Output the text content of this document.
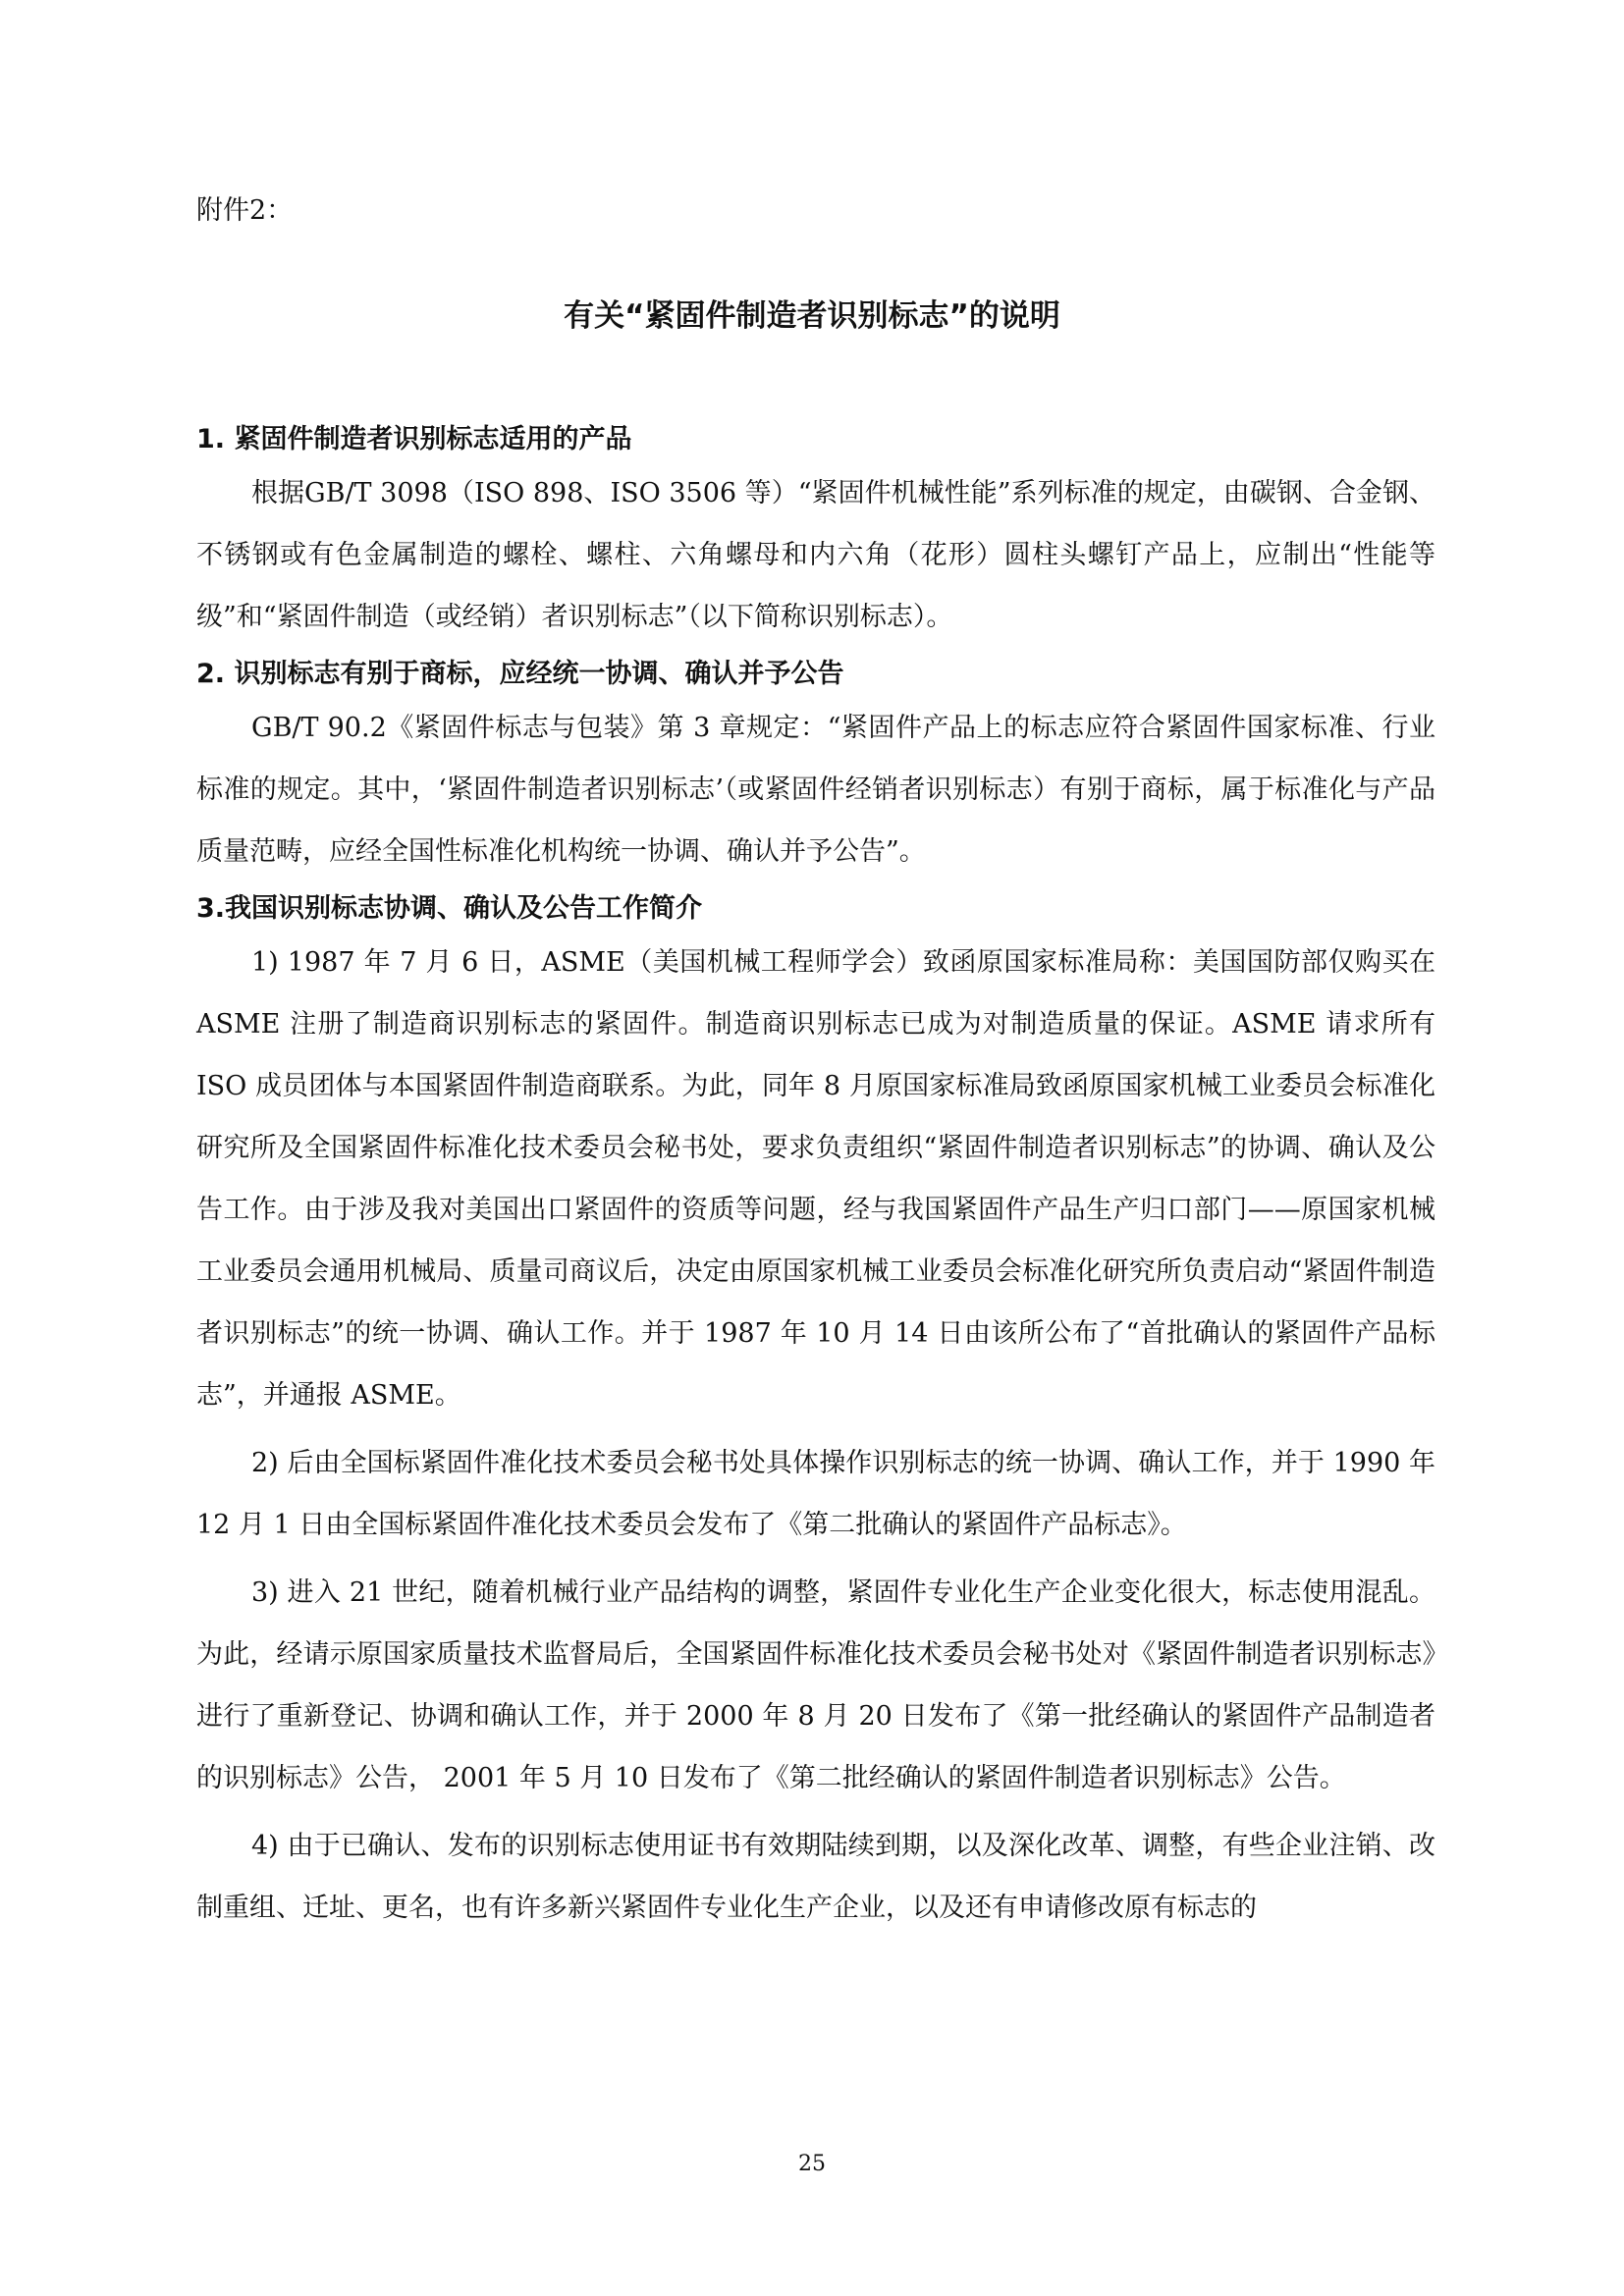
附件2：

有关“紧固件制造者识别标志”的说明
1. 紧固件制造者识别标志适用的产品

根据GB/T 3098（ISO 898、ISO 3506 等）“紧固件机械性能”系列标准的规定，由碳钢、合金钢、不锈钢或有色金属制造的螺栓、螺柱、六角螺母和内六角（花形）圆柱头螺钉产品上，应制出“性能等级”和“紧固件制造（或经销）者识别标志”（以下简称识别标志）。

2. 识别标志有别于商标，应经统一协调、确认并予公告

GB/T 90.2《紧固件标志与包装》第 3 章规定：“紧固件产品上的标志应符合紧固件国家标准、行业标准的规定。其中，‘紧固件制造者识别标志’（或紧固件经销者识别标志）有别于商标，属于标准化与产品质量范畴，应经全国性标准化机构统一协调、确认并予公告”。

3.我国识别标志协调、确认及公告工作简介

1) 1987 年 7 月 6 日，ASME（美国机械工程师学会）致函原国家标准局称：美国国防部仅购买在 ASME 注册了制造商识别标志的紧固件。制造商识别标志已成为对制造质量的保证。ASME 请求所有 ISO 成员团体与本国紧固件制造商联系。为此，同年 8 月原国家标准局致函原国家机械工业委员会标准化研究所及全国紧固件标准化技术委员会秘书处，要求负责组织“紧固件制造者识别标志”的协调、确认及公告工作。由于涉及我对美国出口紧固件的资质等问题，经与我国紧固件产品生产归口部门——原国家机械工业委员会通用机械局、质量司商议后，决定由原国家机械工业委员会标准化研究所负责启动“紧固件制造者识别标志”的统一协调、确认工作。并于 1987 年 10 月 14 日由该所公布了“首批确认的紧固件产品标志”，并通报 ASME。

2) 后由全国标紧固件准化技术委员会秘书处具体操作识别标志的统一协调、确认工作，并于 1990 年 12 月 1 日由全国标紧固件准化技术委员会发布了《第二批确认的紧固件产品标志》。

3) 进入 21 世纪，随着机械行业产品结构的调整，紧固件专业化生产企业变化很大，标志使用混乱。为此，经请示原国家质量技术监督局后，全国紧固件标准化技术委员会秘书处对《紧固件制造者识别标志》进行了重新登记、协调和确认工作，并于 2000 年 8 月 20 日发布了《第一批经确认的紧固件产品制造者的识别标志》公告， 2001 年 5 月 10 日发布了《第二批经确认的紧固件制造者识别标志》公告。

4) 由于已确认、发布的识别标志使用证书有效期陆续到期，以及深化改革、调整，有些企业注销、改制重组、迁址、更名，也有许多新兴紧固件专业化生产企业，以及还有申请修改原有标志的

25
